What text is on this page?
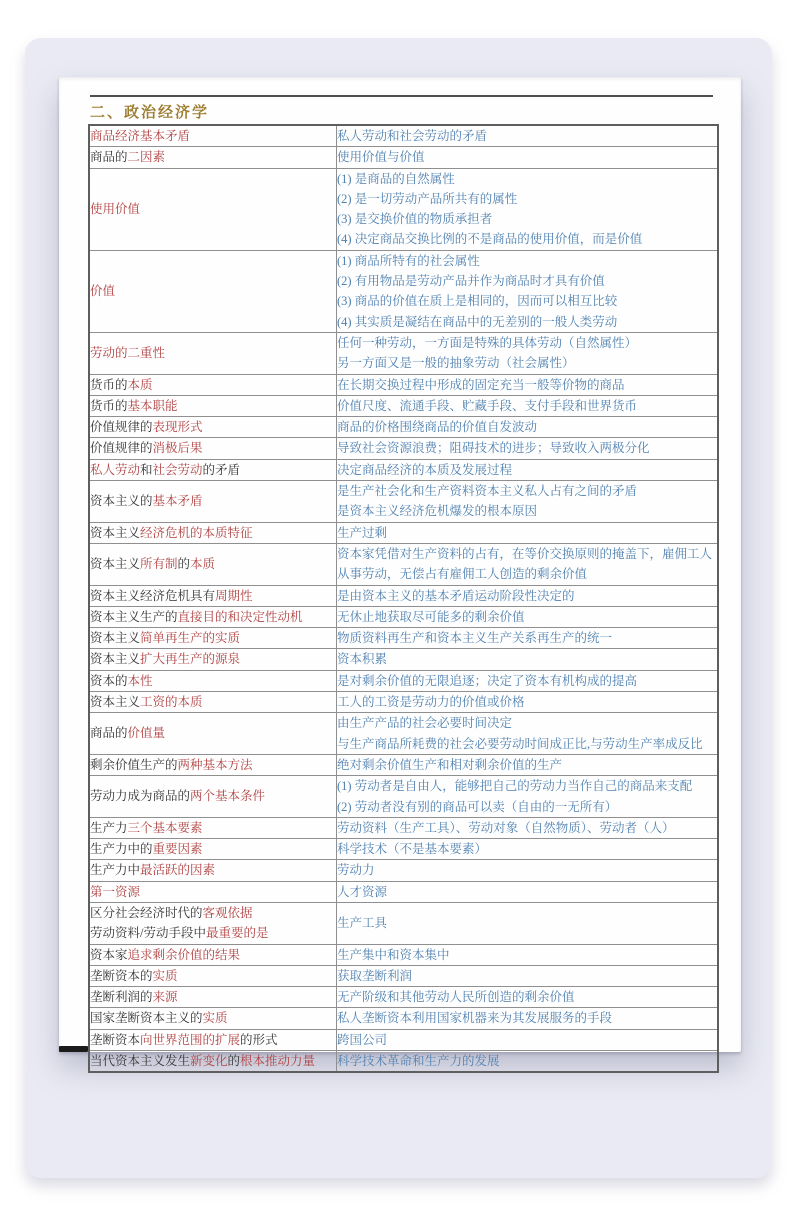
二、政治经济学
商品经济基本矛盾	私人劳动和社会劳动的矛盾

商品的二因素	使用价值与价值

使用价值	(1) 是商品的自然属性
(2) 是一切劳动产品所共有的属性
(3) 是交换价值的物质承担者
(4) 决定商品交换比例的不是商品的使用价值，而是价值

价值	(1) 商品所特有的社会属性
(2) 有用物品是劳动产品并作为商品时才具有价值
(3) 商品的价值在质上是相同的，因而可以相互比较
(4) 其实质是凝结在商品中的无差别的一般人类劳动

劳动的二重性	任何一种劳动，一方面是特殊的具体劳动（自然属性）
另一方面又是一般的抽象劳动（社会属性）

货币的本质	在长期交换过程中形成的固定充当一般等价物的商品

货币的基本职能	价值尺度、流通手段、贮藏手段、支付手段和世界货币

价值规律的表现形式	商品的价格围绕商品的价值自发波动

价值规律的消极后果	导致社会资源浪费；阻碍技术的进步；导致收入两极分化

私人劳动和社会劳动的矛盾	决定商品经济的本质及发展过程

资本主义的基本矛盾	是生产社会化和生产资料资本主义私人占有之间的矛盾
是资本主义经济危机爆发的根本原因

资本主义经济危机的本质特征	生产过剩

资本主义所有制的本质	资本家凭借对生产资料的占有，在等价交换原则的掩盖下，雇佣工人
从事劳动，无偿占有雇佣工人创造的剩余价值

资本主义经济危机具有周期性	是由资本主义的基本矛盾运动阶段性决定的

资本主义生产的直接目的和决定性动机	无休止地获取尽可能多的剩余价值

资本主义简单再生产的实质	物质资料再生产和资本主义生产关系再生产的统一

资本主义扩大再生产的源泉	资本积累

资本的本性	是对剩余价值的无限追逐；决定了资本有机构成的提高

资本主义工资的本质	工人的工资是劳动力的价值或价格

商品的价值量	由生产产品的社会必要时间决定
与生产商品所耗费的社会必要劳动时间成正比,与劳动生产率成反比

剩余价值生产的两种基本方法	绝对剩余价值生产和相对剩余价值的生产

劳动力成为商品的两个基本条件	(1) 劳动者是自由人，能够把自己的劳动力当作自己的商品来支配
(2) 劳动者没有别的商品可以卖（自由的一无所有）

生产力三个基本要素	劳动资料（生产工具）、劳动对象（自然物质）、劳动者（人）

生产力中的重要因素	科学技术（不是基本要素）

生产力中最活跃的因素	劳动力

第一资源	人才资源

区分社会经济时代的客观依据
劳动资料/劳动手段中最重要的是	生产工具

资本家追求剩余价值的结果	生产集中和资本集中

垄断资本的实质	获取垄断利润

垄断利润的来源	无产阶级和其他劳动人民所创造的剩余价值

国家垄断资本主义的实质	私人垄断资本利用国家机器来为其发展服务的手段

垄断资本向世界范围的扩展的形式	跨国公司

当代资本主义发生新变化的根本推动力量	科学技术革命和生产力的发展
